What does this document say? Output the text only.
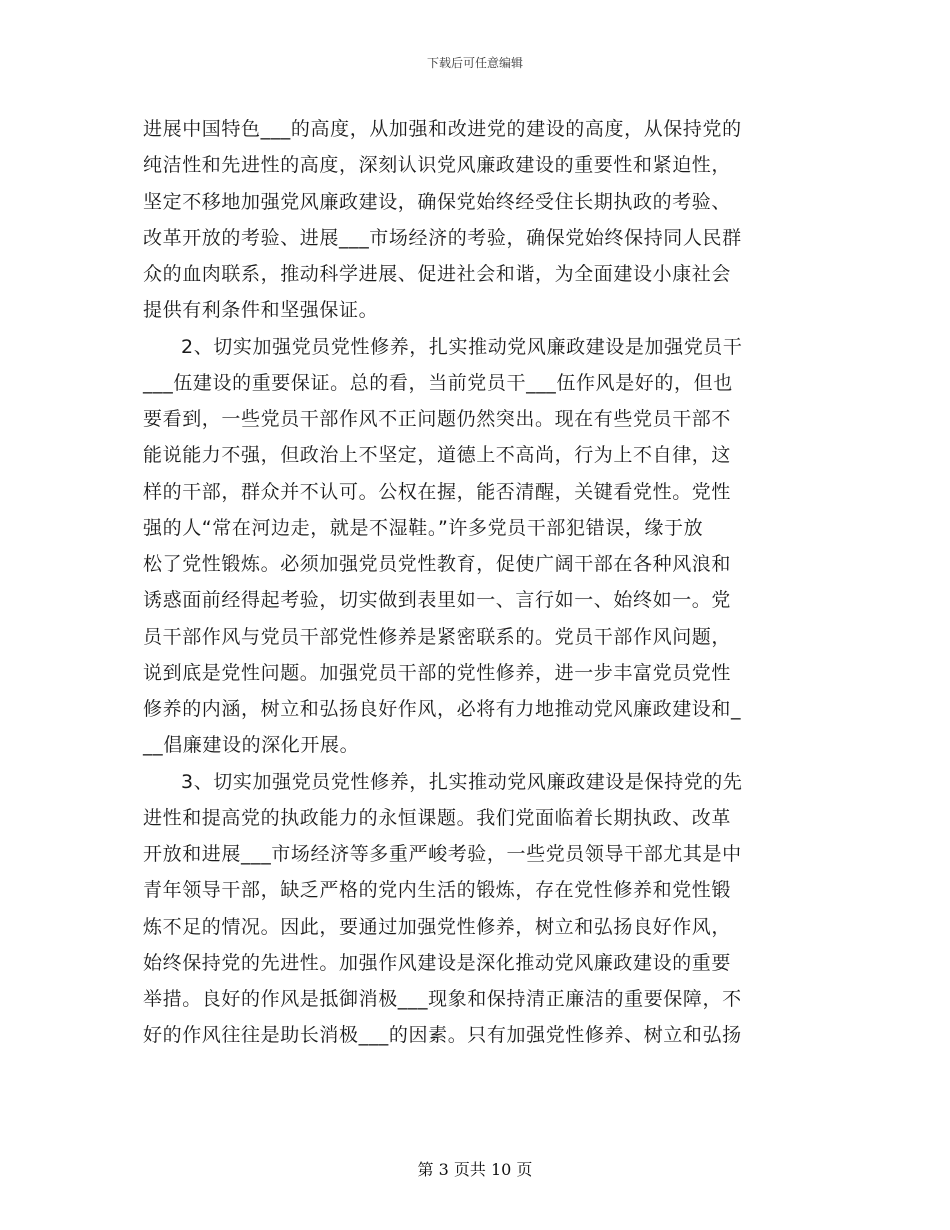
下载后可任意编辑
进展中国特色___的高度，从加强和改进党的建设的高度，从保持党的
纯洁性和先进性的高度，深刻认识党风廉政建设的重要性和紧迫性，
坚定不移地加强党风廉政建设，确保党始终经受住长期执政的考验、
改革开放的考验、进展___市场经济的考验，确保党始终保持同人民群
众的血肉联系，推动科学进展、促进社会和谐，为全面建设小康社会
提供有利条件和坚强保证。
2、切实加强党员党性修养，扎实推动党风廉政建设是加强党员干
___伍建设的重要保证。总的看，当前党员干___伍作风是好的，但也
要看到，一些党员干部作风不正问题仍然突出。现在有些党员干部不
能说能力不强，但政治上不坚定，道德上不高尚，行为上不自律，这
样的干部，群众并不认可。公权在握，能否清醒，关键看党性。党性
强的人“常在河边走，就是不湿鞋。”许多党员干部犯错误，缘于放
松了党性锻炼。必须加强党员党性教育，促使广阔干部在各种风浪和
诱惑面前经得起考验，切实做到表里如一、言行如一、始终如一。党
员干部作风与党员干部党性修养是紧密联系的。党员干部作风问题，
说到底是党性问题。加强党员干部的党性修养，进一步丰富党员党性
修养的内涵，树立和弘扬良好作风，必将有力地推动党风廉政建设和_
__倡廉建设的深化开展。
3、切实加强党员党性修养，扎实推动党风廉政建设是保持党的先
进性和提高党的执政能力的永恒课题。我们党面临着长期执政、改革
开放和进展___市场经济等多重严峻考验，一些党员领导干部尤其是中
青年领导干部，缺乏严格的党内生活的锻炼，存在党性修养和党性锻
炼不足的情况。因此，要通过加强党性修养，树立和弘扬良好作风，
始终保持党的先进性。加强作风建设是深化推动党风廉政建设的重要
举措。良好的作风是抵御消极___现象和保持清正廉洁的重要保障，不
好的作风往往是助长消极___的因素。只有加强党性修养、树立和弘扬
第 3 页共 10 页
